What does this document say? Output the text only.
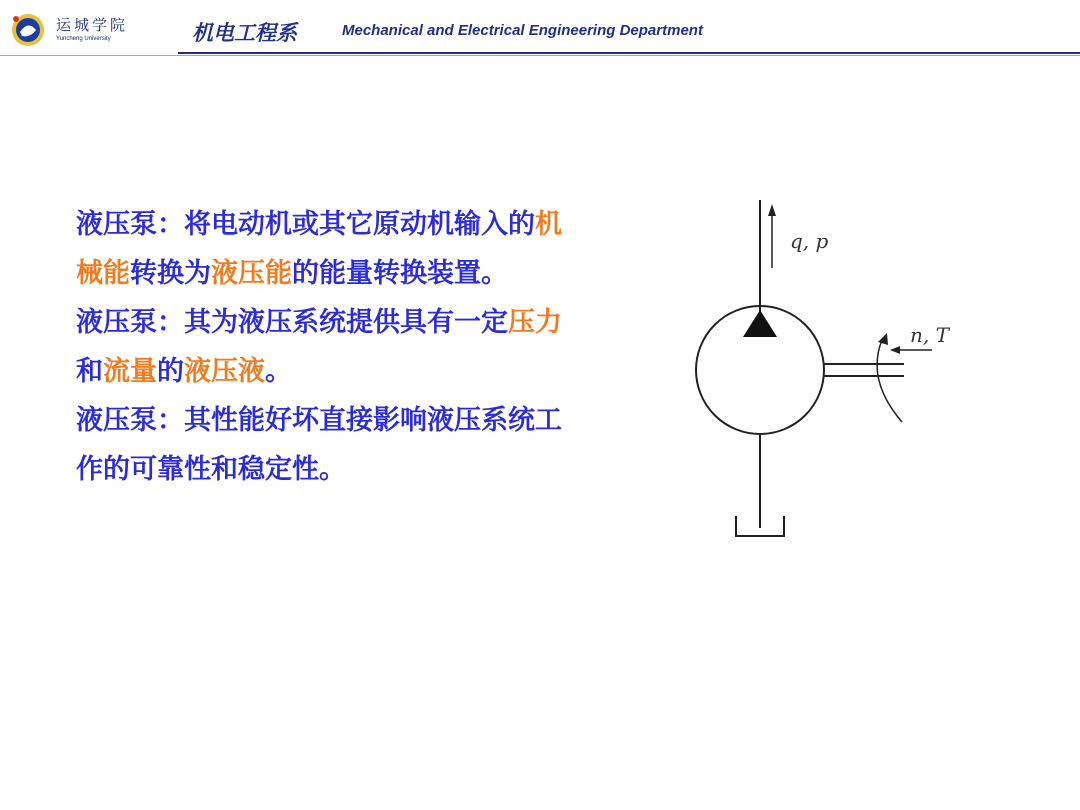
运城学院
Yuncheng University	机电工程系	Mechanical and Electrical Engineering Department

液压泵：将电动机或其它原动机输入的机械能转换为液压能的能量转换装置。

液压泵：其为液压系统提供具有一定压力和流量的液压液。

液压泵：其性能好坏直接影响液压系统工作的可靠性和稳定性。

q, p
n, T
